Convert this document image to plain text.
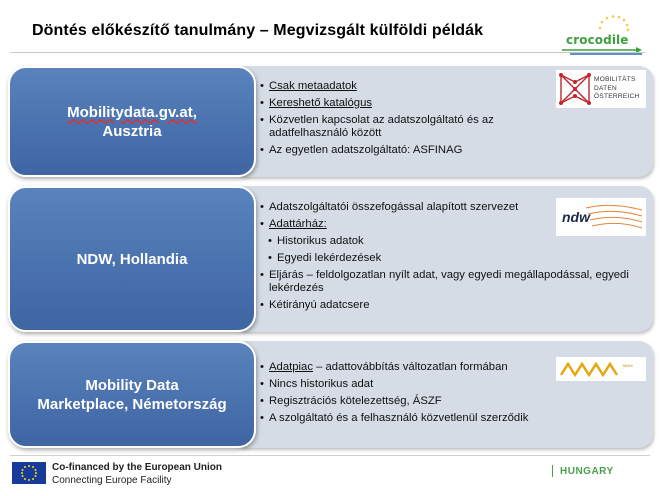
Döntés előkészítő tanulmány – Megvizsgált külföldi példák
crocodile
Mobilitydata.gv.at,
Ausztria
• Csak metaadatok
• Kereshető katalógus
• Közvetlen kapcsolat az adatszolgáltató és az adatfelhasználó között
• Az egyetlen adatszolgáltató: ASFINAG
MOBILITÄTS
DATEN
ÖSTERREICH
NDW, Hollandia
• Adatszolgáltatói összefogással alapított szervezet
• Adattárház:
• Historikus adatok
• Egyedi lekérdezések
• Eljárás – feldolgozatlan nyílt adat, vagy egyedi megállapodással, egyedi lekérdezés
• Kétirányú adatcsere
ndw
Mobility Data
Marketplace, Németország
• Adatpiac – adattovábbítás változatlan formában
• Nincs historikus adat
• Regisztrációs kötelezettség, ÁSZF
• A szolgáltató és a felhasználó közvetlenül szerződik
MDM
Co-financed by the European Union
Connecting Europe Facility
HUNGARY
